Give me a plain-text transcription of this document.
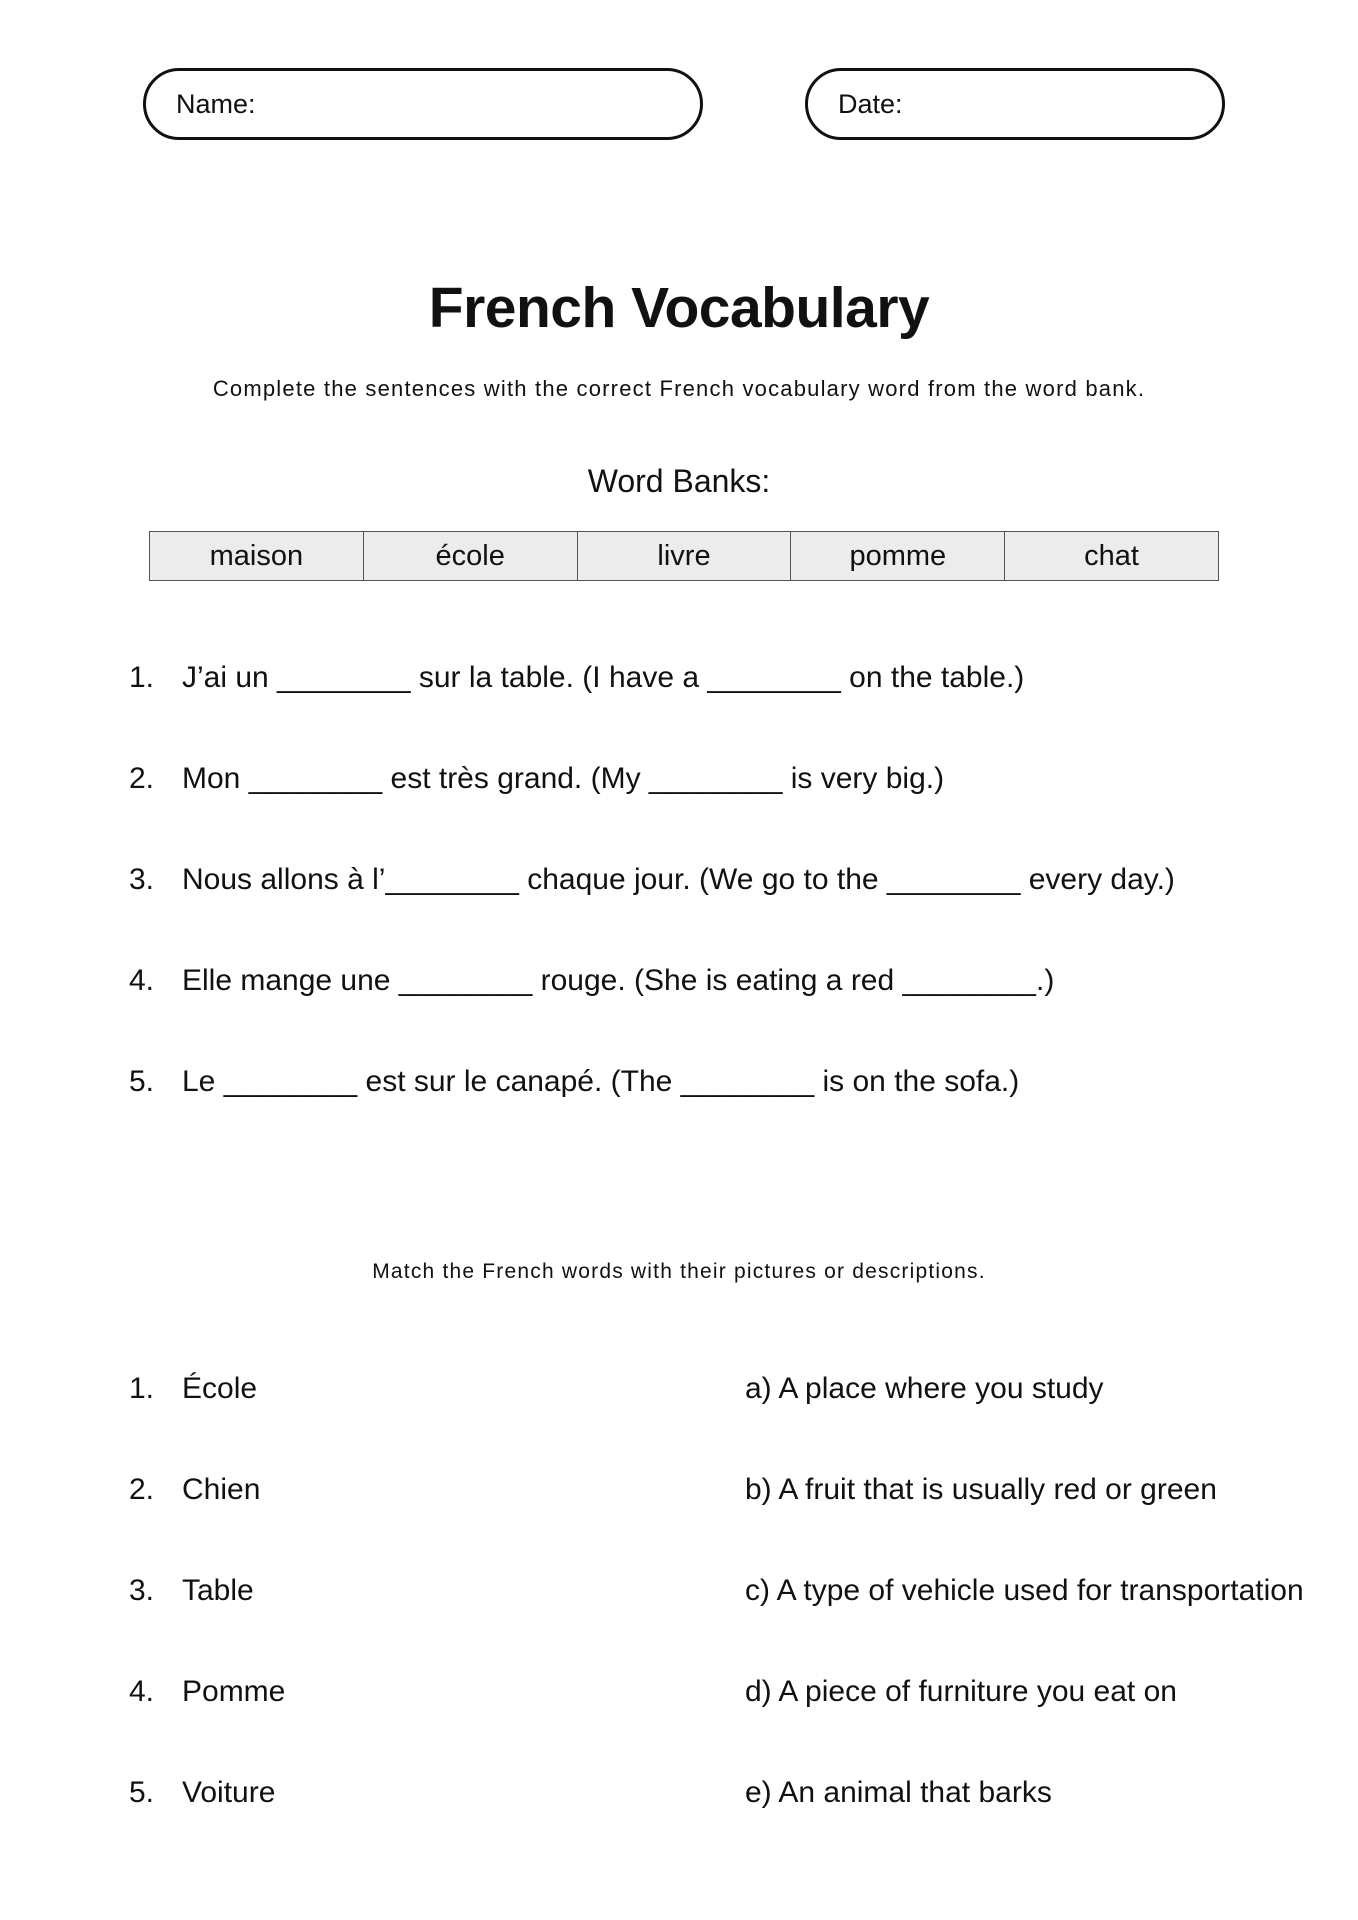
Name:	Date:
French Vocabulary
Complete the sentences with the correct French vocabulary word from the word bank.
Word Banks:
maison	école	livre	pomme	chat
1. J’ai un ________ sur la table. (I have a ________ on the table.)
2. Mon ________ est très grand. (My ________ is very big.)
3. Nous allons à l’________ chaque jour. (We go to the ________ every day.)
4. Elle mange une ________ rouge. (She is eating a red ________.)
5. Le ________ est sur le canapé. (The ________ is on the sofa.)
Match the French words with their pictures or descriptions.
1. École	a) A place where you study
2. Chien	b) A fruit that is usually red or green
3. Table	c) A type of vehicle used for transportation
4. Pomme	d) A piece of furniture you eat on
5. Voiture	e) An animal that barks
